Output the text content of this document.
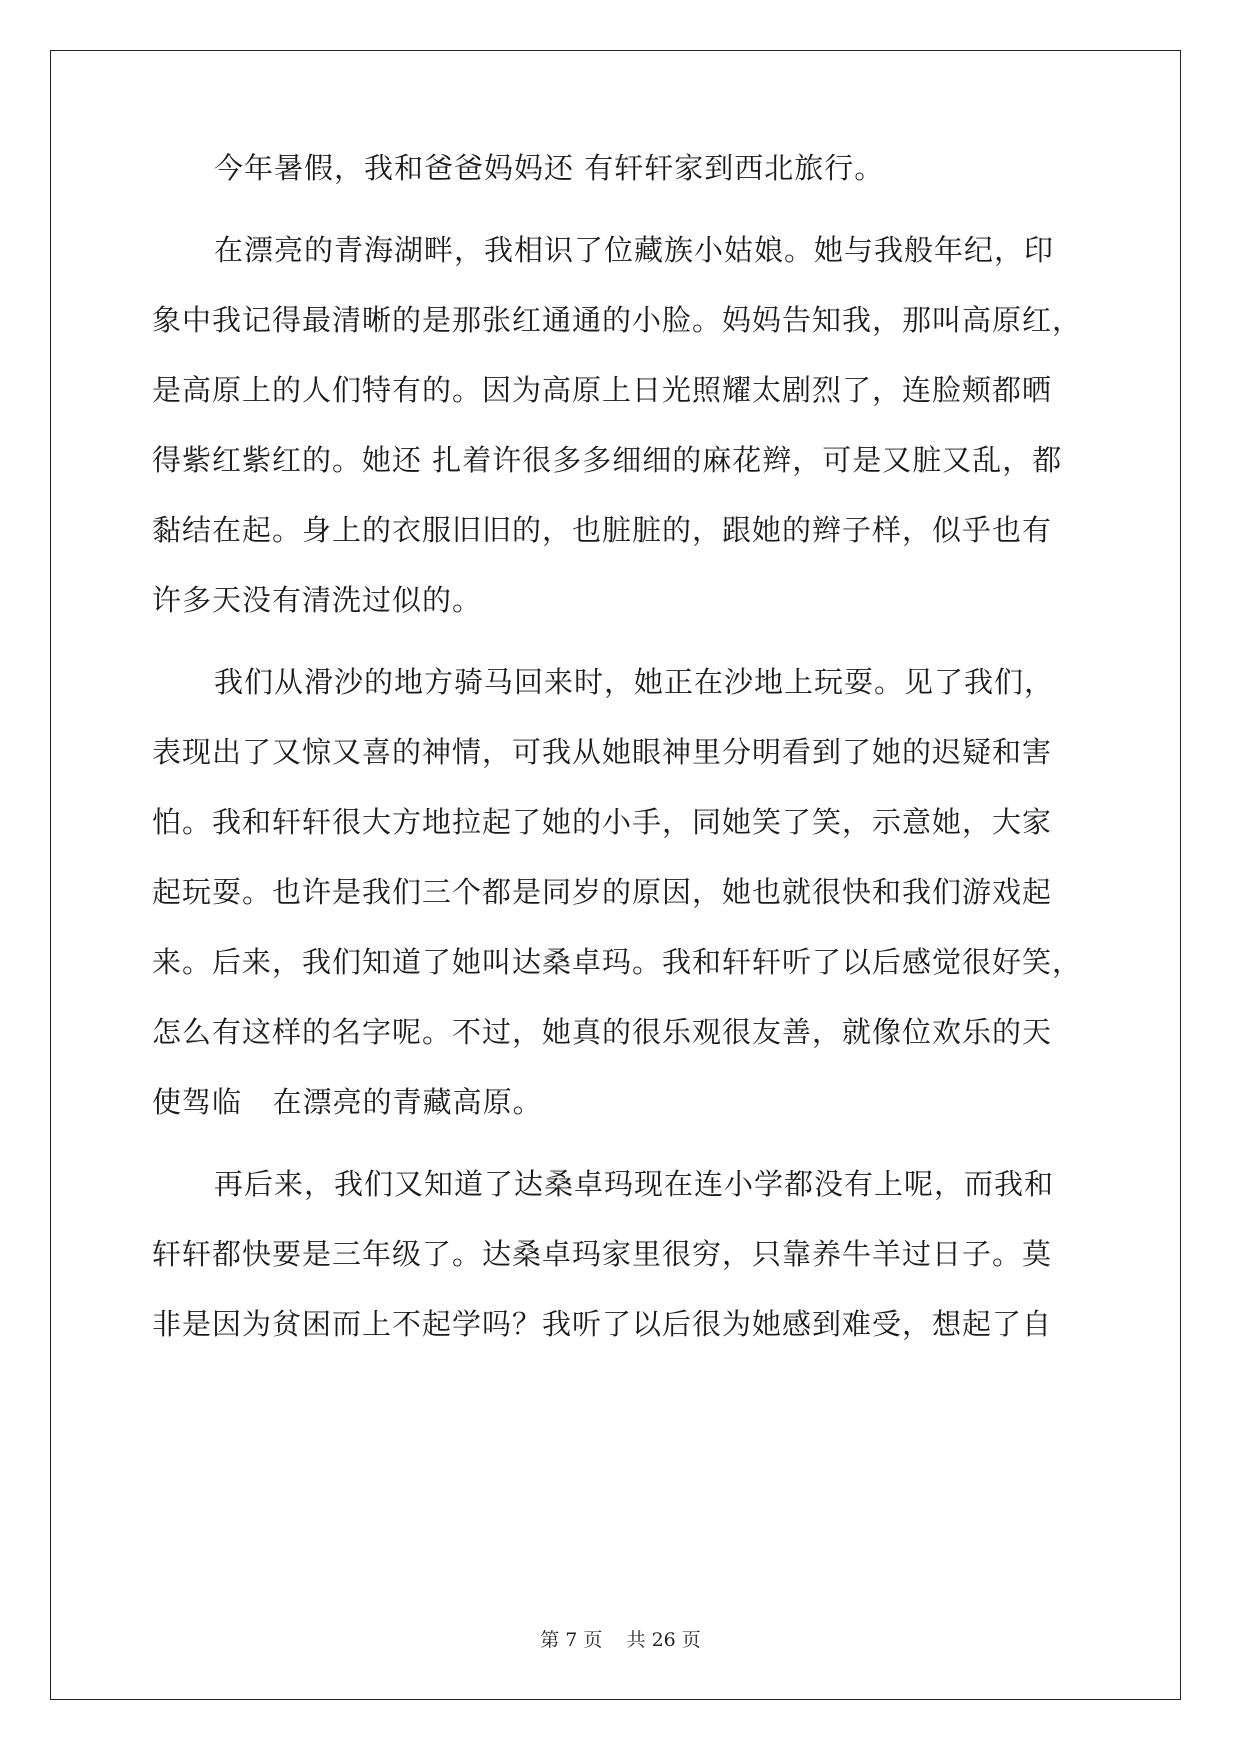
今年暑假，我和爸爸妈妈还 有轩轩家到西北旅行。
在漂亮的青海湖畔，我相识了位藏族小姑娘。她与我般年纪，印
象中我记得最清晰的是那张红通通的小脸。妈妈告知我，那叫高原红，
是高原上的人们特有的。因为高原上日光照耀太剧烈了，连脸颊都晒
得紫红紫红的。她还 扎着许很多多细细的麻花辫，可是又脏又乱，都
黏结在起。身上的衣服旧旧的，也脏脏的，跟她的辫子样，似乎也有
许多天没有清洗过似的。
我们从滑沙的地方骑马回来时，她正在沙地上玩耍。见了我们，
表现出了又惊又喜的神情，可我从她眼神里分明看到了她的迟疑和害
怕。我和轩轩很大方地拉起了她的小手，同她笑了笑，示意她，大家
起玩耍。也许是我们三个都是同岁的原因，她也就很快和我们游戏起
来。后来，我们知道了她叫达桑卓玛。我和轩轩听了以后感觉很好笑，
怎么有这样的名字呢。不过，她真的很乐观很友善，就像位欢乐的天
使驾临   在漂亮的青藏高原。
再后来，我们又知道了达桑卓玛现在连小学都没有上呢，而我和
轩轩都快要是三年级了。达桑卓玛家里很穷，只靠养牛羊过日子。莫
非是因为贫困而上不起学吗？我听了以后很为她感到难受，想起了自
第 7 页    共 26 页
